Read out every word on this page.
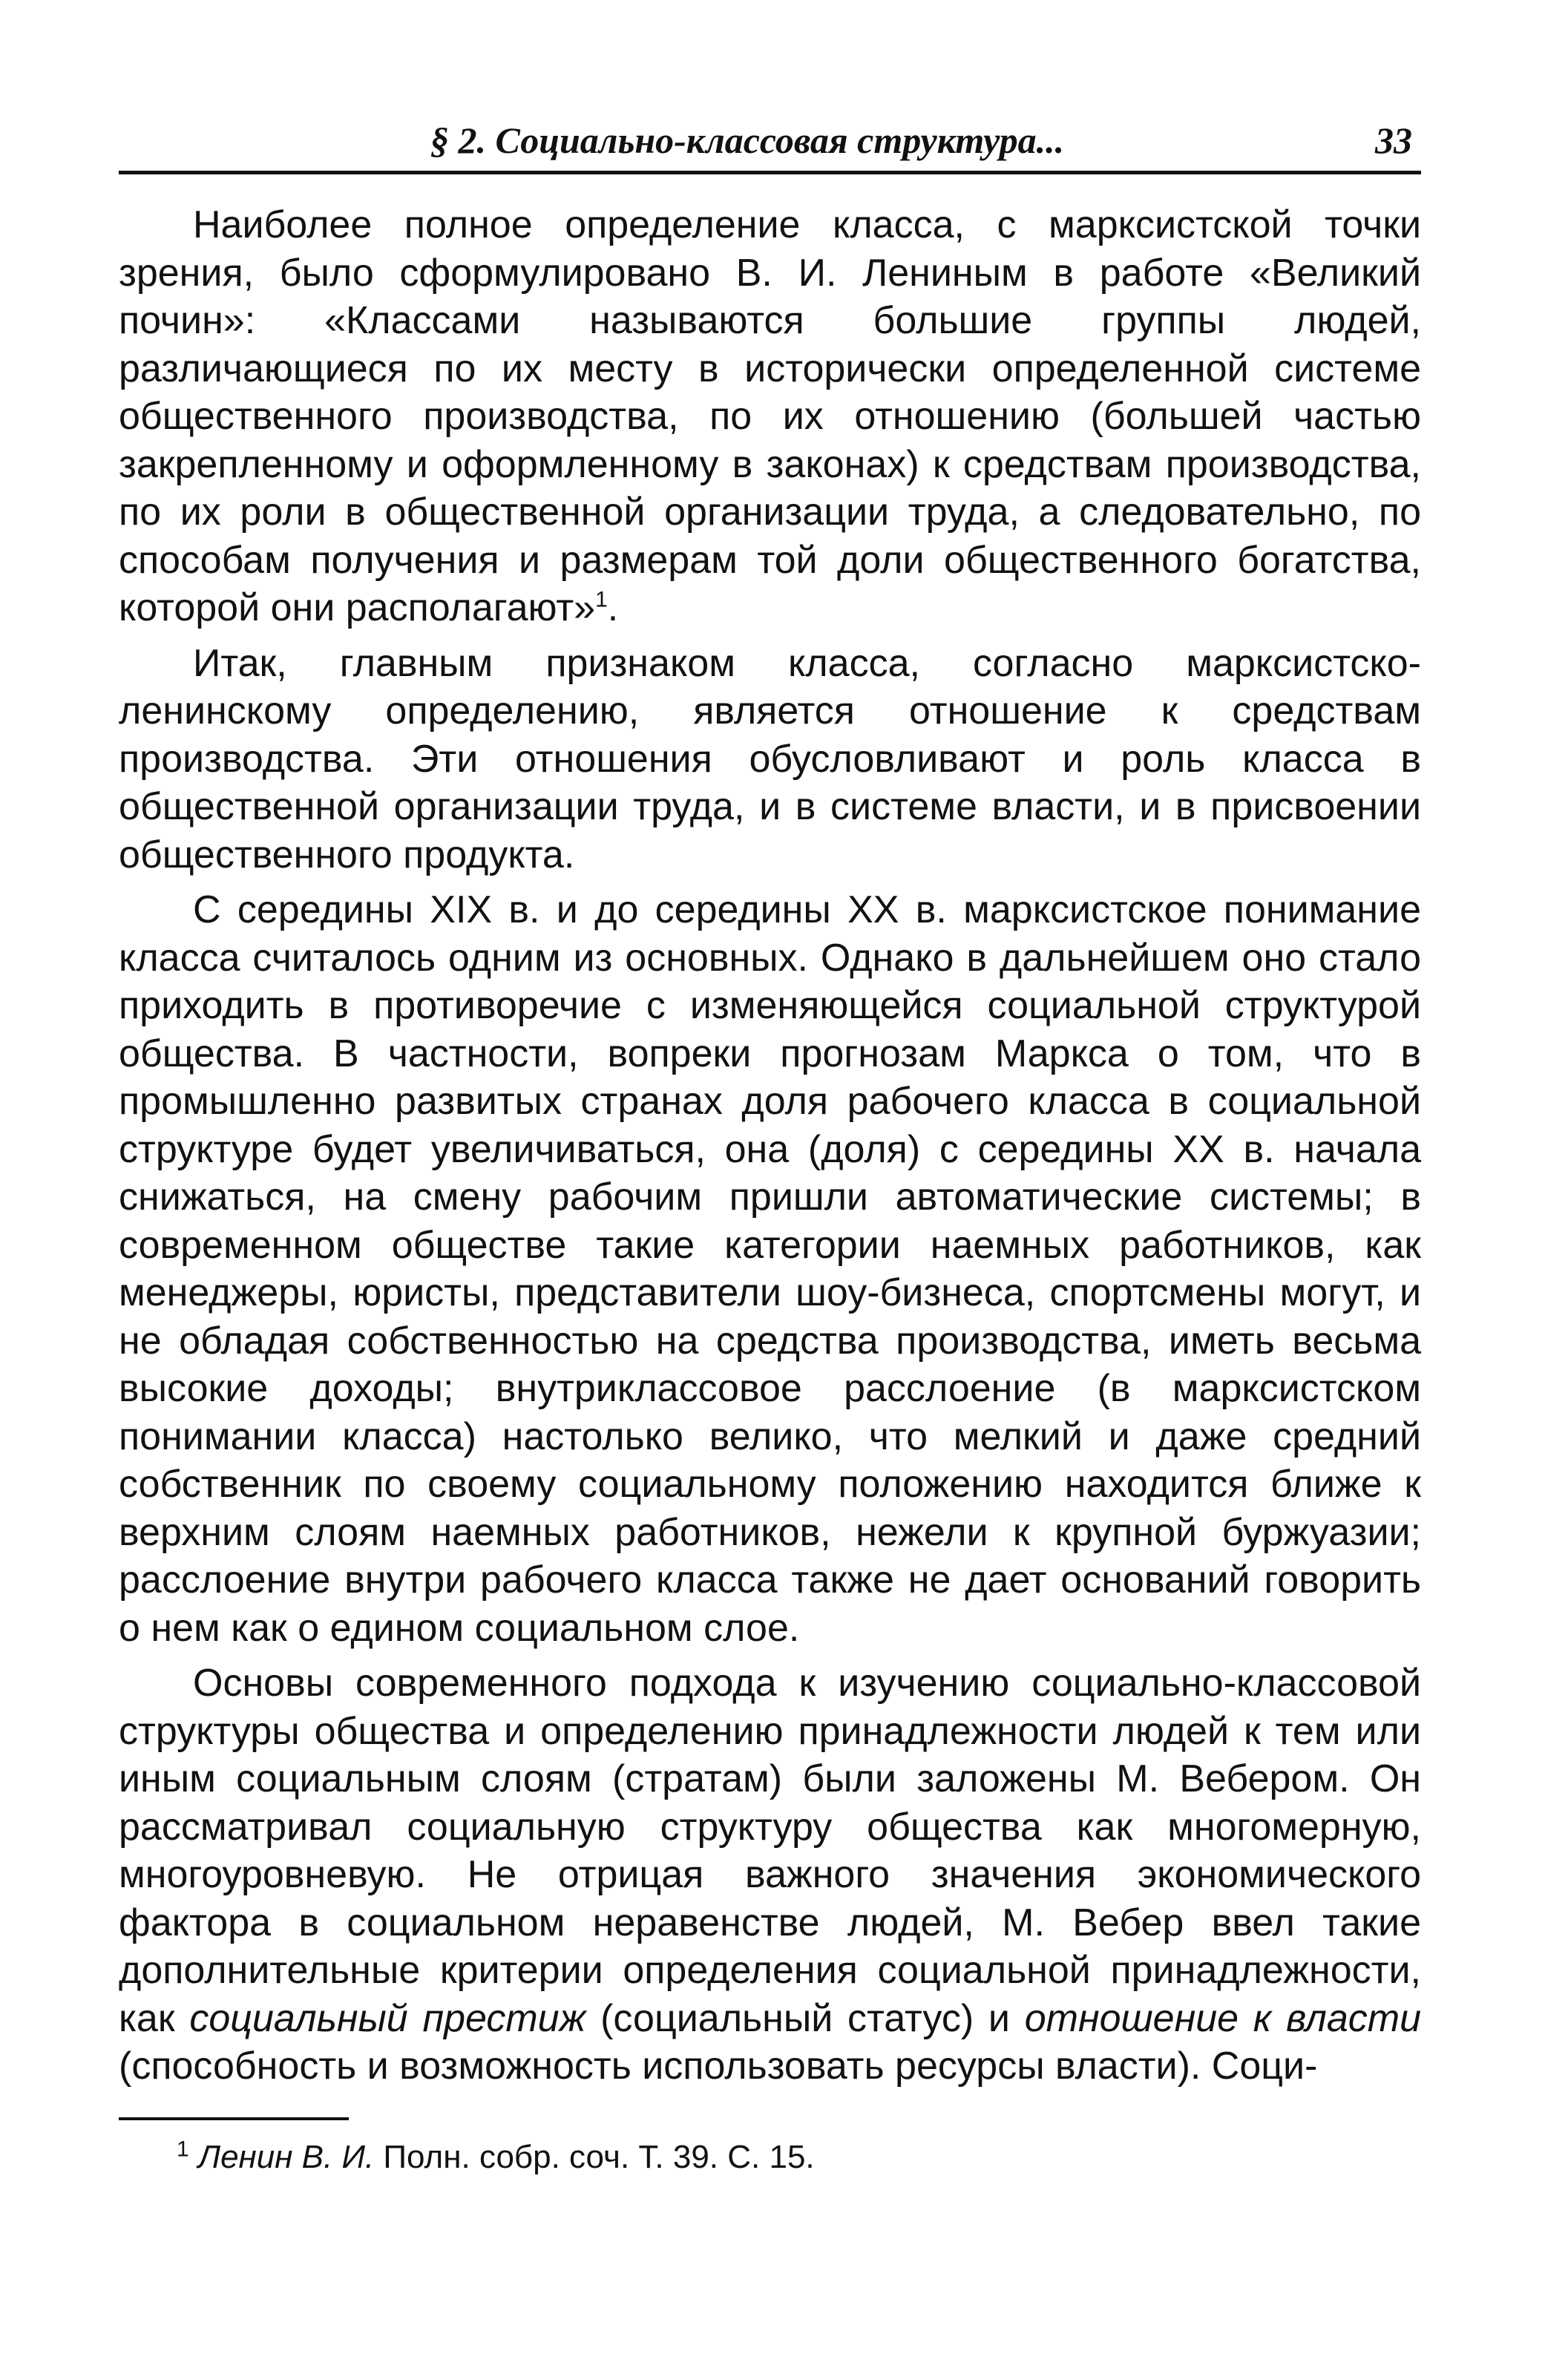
§ 2. Социально-классовая структура...	33

Наиболее полное определение класса, с марксистской точки зрения, было сформулировано В. И. Лениным в работе «Великий почин»: «Классами называются большие группы людей, различающиеся по их месту в исторически определенной системе общественного производства, по их отношению (большей частью закрепленному и оформленному в законах) к средствам производства, по их роли в общественной организации труда, а следовательно, по способам получения и размерам той доли общественного богатства, которой они располагают»$^1$.

Итак, главным признаком класса, согласно марксистско-ленинскому определению, является отношение к средствам производства. Эти отношения обусловливают и роль класса в общественной организации труда, и в системе власти, и в присвоении общественного продукта.

С середины XIX в. и до середины XX в. марксистское понимание класса считалось одним из основных. Однако в дальнейшем оно стало приходить в противоречие с изменяющейся социальной структурой общества. В частности, вопреки прогнозам Маркса о том, что в промышленно развитых странах доля рабочего класса в социальной структуре будет увеличиваться, она (доля) с середины XX в. начала снижаться, на смену рабочим пришли автоматические системы; в современном обществе такие категории наемных работников, как менеджеры, юристы, представители шоу-бизнеса, спортсмены могут, и не обладая собственностью на средства производства, иметь весьма высокие доходы; внутриклассовое расслоение (в марксистском понимании класса) настолько велико, что мелкий и даже средний собственник по своему социальному положению находится ближе к верхним слоям наемных работников, нежели к крупной буржуазии; расслоение внутри рабочего класса также не дает оснований говорить о нем как о едином социальном слое.

Основы современного подхода к изучению социально-классовой структуры общества и определению принадлежности людей к тем или иным социальным слоям (стратам) были заложены М. Вебером. Он рассматривал социальную структуру общества как многомерную, многоуровневую. Не отрицая важного значения экономического фактора в социальном неравенстве людей, М. Вебер ввел такие дополнительные критерии определения социальной принадлежности, как социальный престиж (социальный статус) и отношение к власти (способность и возможность использовать ресурсы власти). Соци-

$^1$ Ленин В. И. Полн. собр. соч. Т. 39. С. 15.
